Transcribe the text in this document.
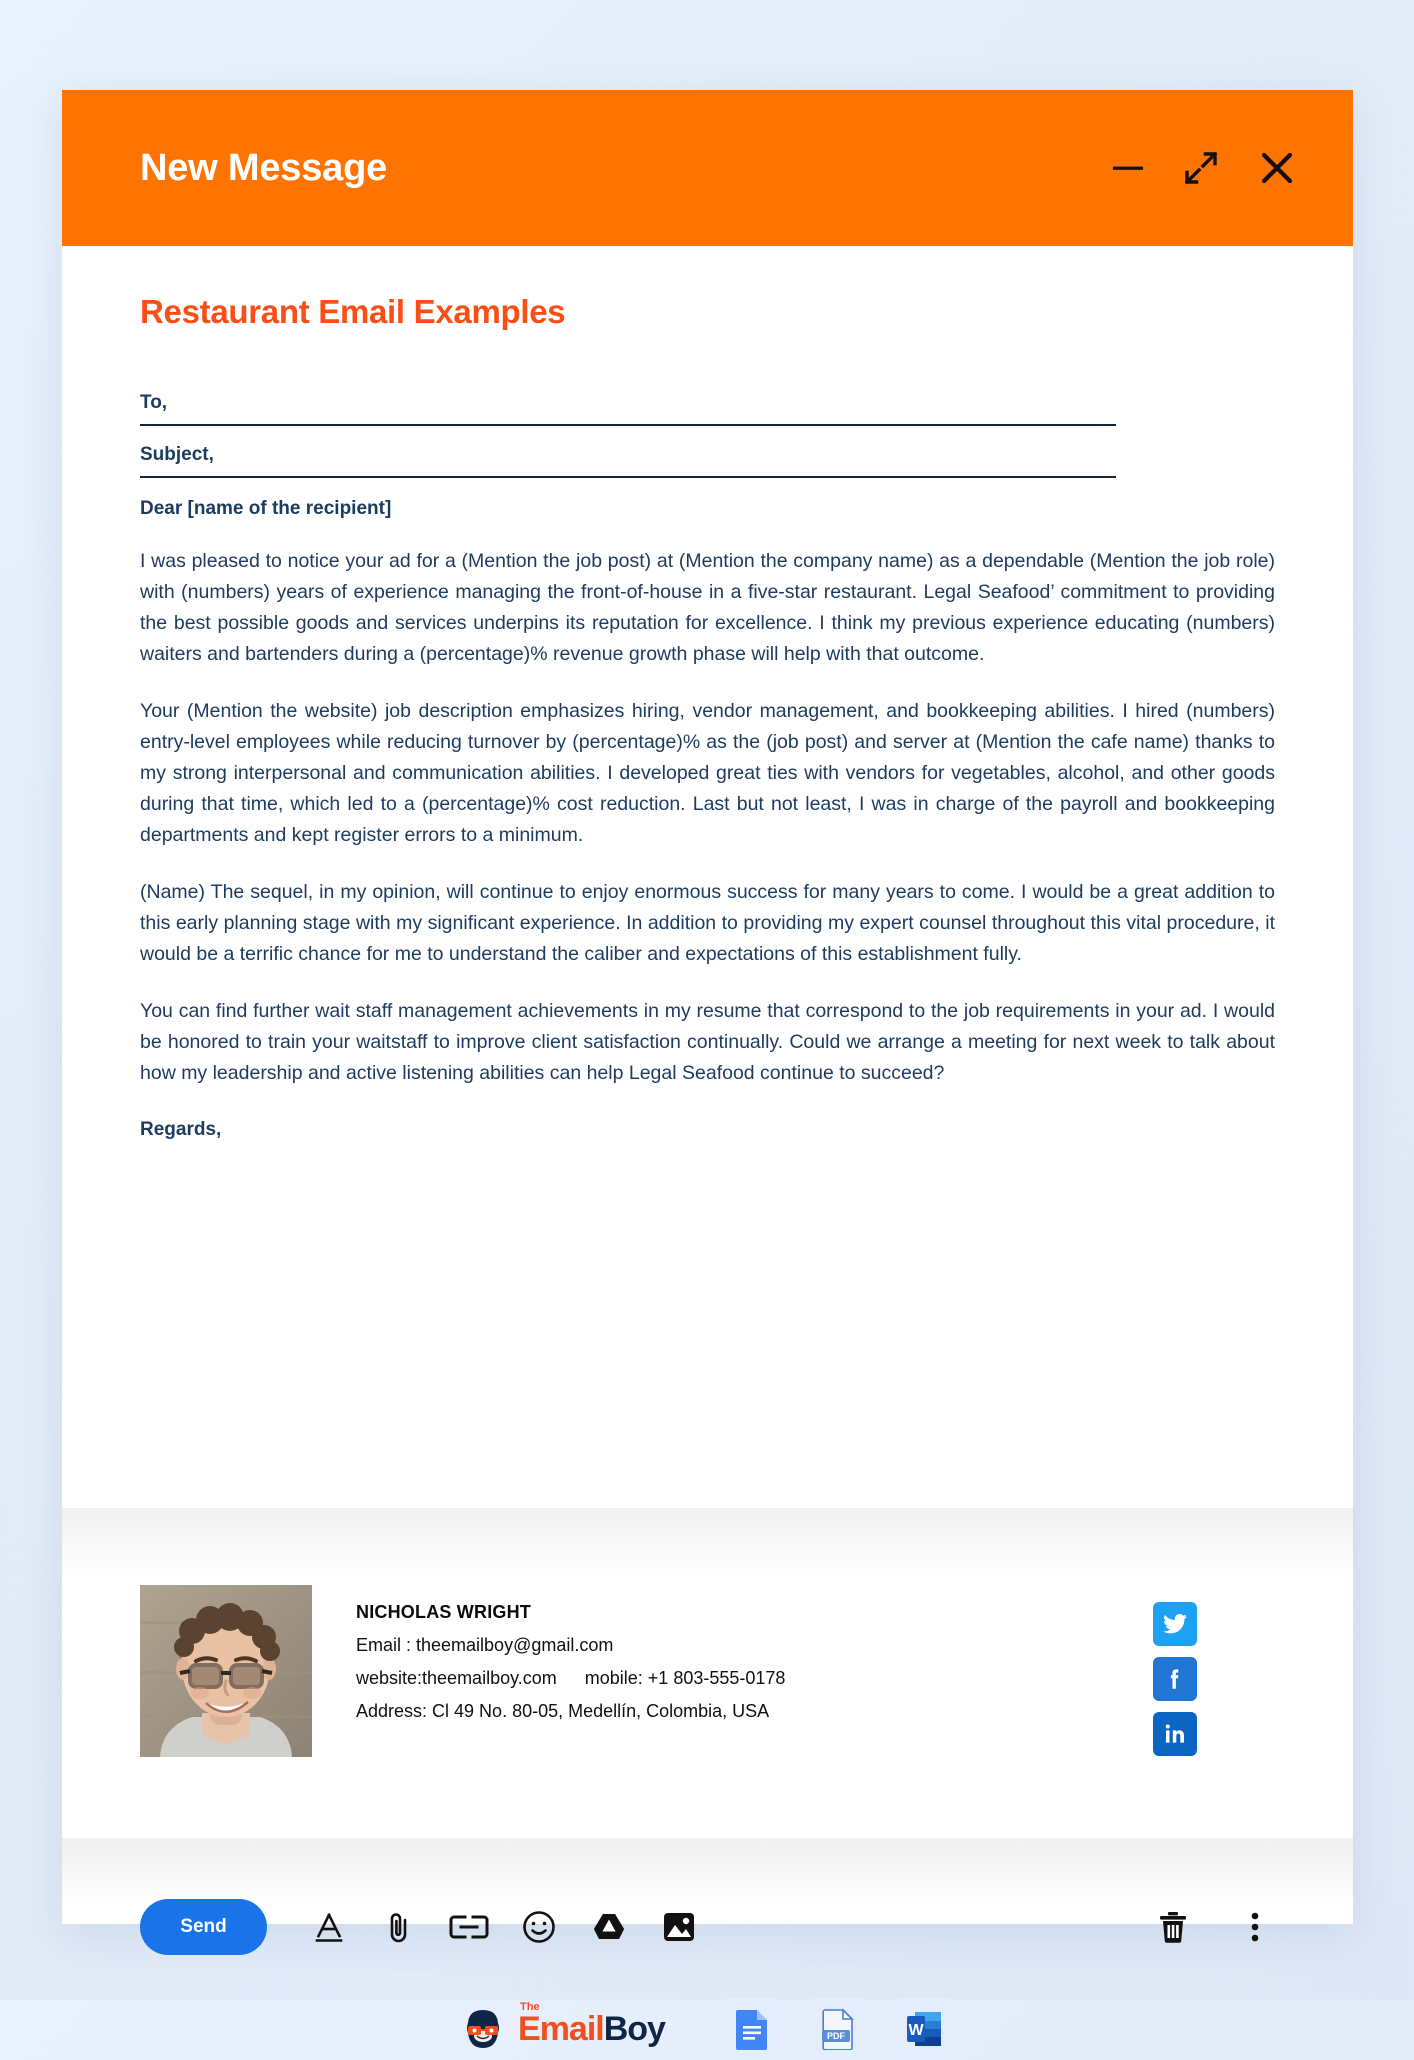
New Message
Restaurant Email Examples
To,
Subject,
Dear [name of the recipient]
I was pleased to notice your ad for a (Mention the job post) at (Mention the company name) as a dependable (Mention the job role) with (numbers) years of experience managing the front-of-house in a five-star restaurant. Legal Seafood’ commitment to providing the best possible goods and services underpins its reputation for excellence. I think my previous experience educating (numbers) waiters and bartenders during a (percentage)% revenue growth phase will help with that outcome.
Your (Mention the website) job description emphasizes hiring, vendor management, and bookkeeping abilities. I hired (numbers) entry-level employees while reducing turnover by (percentage)% as the (job post) and server at (Mention the cafe name) thanks to my strong interpersonal and communication abilities. I developed great ties with vendors for vegetables, alcohol, and other goods during that time, which led to a (percentage)% cost reduction. Last but not least, I was in charge of the payroll and bookkeeping departments and kept register errors to a minimum.
(Name) The sequel, in my opinion, will continue to enjoy enormous success for many years to come. I would be a great addition to this early planning stage with my significant experience. In addition to providing my expert counsel throughout this vital procedure, it would be a terrific chance for me to understand the caliber and expectations of this establishment fully.
You can find further wait staff management achievements in my resume that correspond to the job requirements in your ad. I would be honored to train your waitstaff to improve client satisfaction continually. Could we arrange a meeting for next week to talk about how my leadership and active listening abilities can help Legal Seafood continue to succeed?
Regards,
NICHOLAS WRIGHT
Email : theemailboy@gmail.com
website:theemailboy.com mobile: +1 803-555-0178
Address: Cl 49 No. 80-05, Medellín, Colombia, USA
Send
The
EmailBoy	PDF	W
